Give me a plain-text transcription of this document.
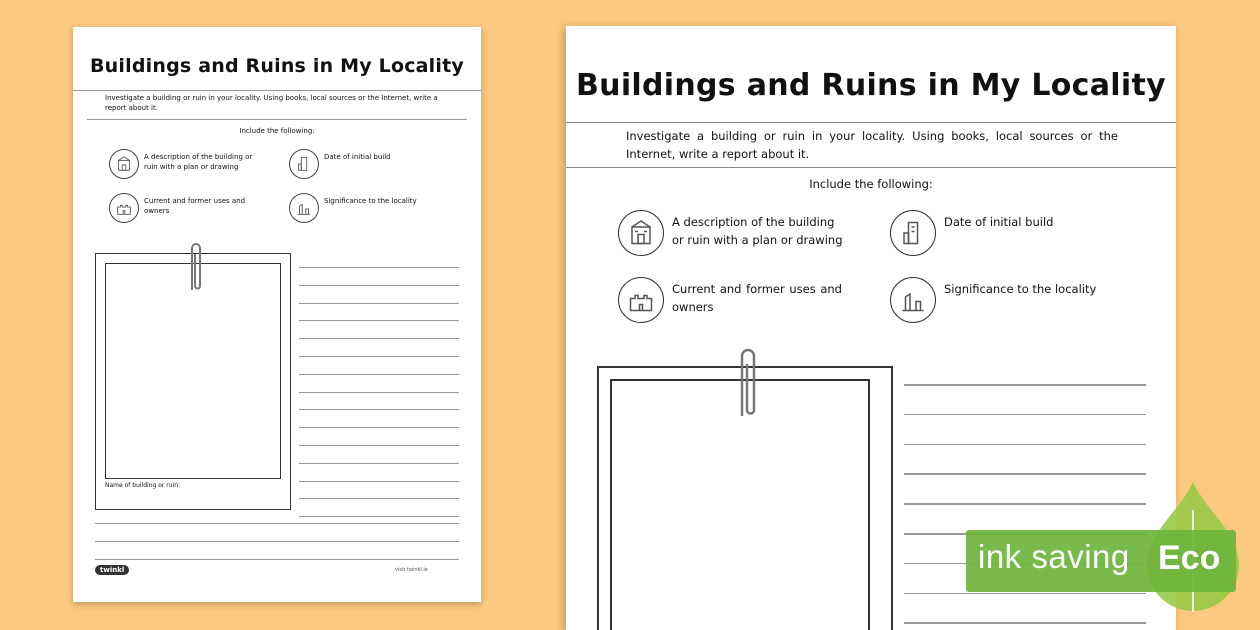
Buildings and Ruins in My Locality
Investigate a building or ruin in your locality. Using books, local sources or the Internet, write a report about it.
Include the following:
A description of the building or ruin with a plan or drawing
Date of initial build
Current and former uses and owners
Significance to the locality
Name of building or ruin:
twinkl	visit twinkl.ie
Buildings and Ruins in My Locality
Investigate a building or ruin in your locality. Using books, local sources or the Internet, write a report about it.
Include the following:
A description of the building or ruin with a plan or drawing
Date of initial build
Current and former uses and owners
Significance to the locality
ink saving Eco
